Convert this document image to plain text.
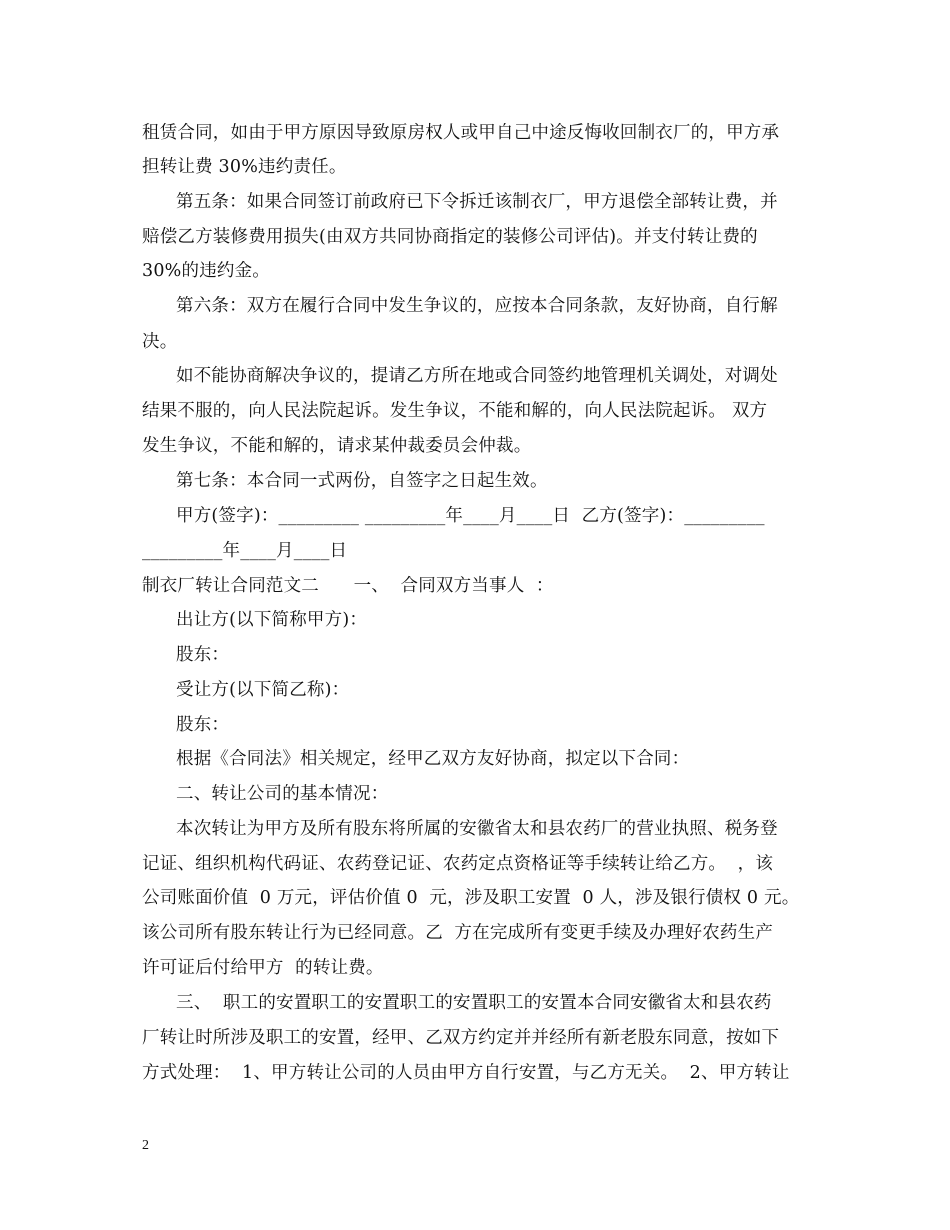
租赁合同，如由于甲方原因导致原房权人或甲自己中途反悔收回制衣厂的，甲方承
担转让费 30%违约责任。
第五条：如果合同签订前政府已下令拆迁该制衣厂，甲方退偿全部转让费，并
赔偿乙方装修费用损失(由双方共同协商指定的装修公司评估)。并支付转让费的
30%的违约金。
第六条：双方在履行合同中发生争议的，应按本合同条款，友好协商，自行解
决。
如不能协商解决争议的，提请乙方所在地或合同签约地管理机关调处，对调处
结果不服的，向人民法院起诉。发生争议，不能和解的，向人民法院起诉。 双方
发生争议，不能和解的，请求某仲裁委员会仲裁。
第七条：本合同一式两份，自签字之日起生效。
甲方(签字)：_________ _________年____月____日  乙方(签字)：_________
_________年____月____日
制衣厂转让合同范文二      一、  合同双方当事人  ：
出让方(以下简称甲方)：
股东：
受让方(以下简乙称)：
股东：
根据《合同法》相关规定，经甲乙双方友好协商，拟定以下合同：
二、转让公司的基本情况：
本次转让为甲方及所有股东将所属的安徽省太和县农药厂的营业执照、税务登
记证、组织机构代码证、农药登记证、农药定点资格证等手续转让给乙方。  ，该
公司账面价值  0 万元，评估价值 0  元，涉及职工安置  0 人，涉及银行债权 0 元。
该公司所有股东转让行为已经同意。乙  方在完成所有变更手续及办理好农药生产
许可证后付给甲方  的转让费。
三、  职工的安置职工的安置职工的安置职工的安置本合同安徽省太和县农药
厂转让时所涉及职工的安置，经甲、乙双方约定并并经所有新老股东同意，按如下
方式处理：  1、甲方转让公司的人员由甲方自行安置，与乙方无关。  2、甲方转让
2
